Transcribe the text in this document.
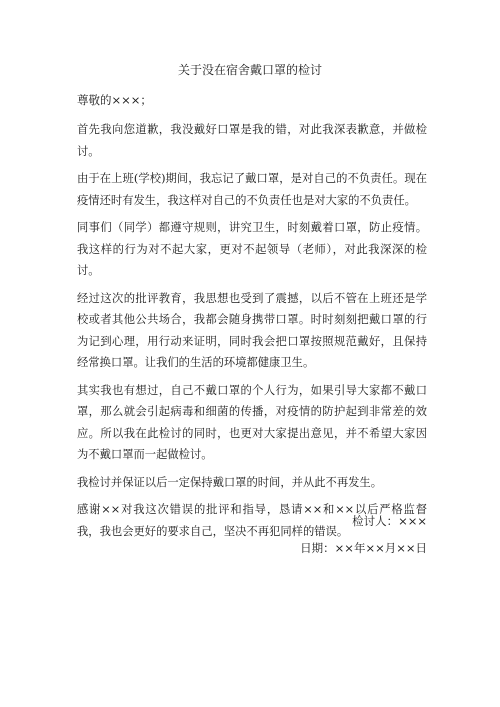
关于没在宿舍戴口罩的检讨
尊敬的×××；

首先我向您道歉，我没戴好口罩是我的错，对此我深表歉意，并做检讨。

由于在上班(学校)期间，我忘记了戴口罩，是对自己的不负责任。现在疫情还时有发生，我这样对自己的不负责任也是对大家的不负责任。

同事们（同学）都遵守规则，讲究卫生，时刻戴着口罩，防止疫情。我这样的行为对不起大家，更对不起领导（老师），对此我深深的检讨。

经过这次的批评教育，我思想也受到了震撼，以后不管在上班还是学校或者其他公共场合，我都会随身携带口罩。时时刻刻把戴口罩的行为记到心理，用行动来证明，同时我会把口罩按照规范戴好，且保持经常换口罩。让我们的生活的环境都健康卫生。

其实我也有想过，自己不戴口罩的个人行为，如果引导大家都不戴口罩，那么就会引起病毒和细菌的传播，对疫情的防护起到非常差的效应。所以我在此检讨的同时，也更对大家提出意见，并不希望大家因为不戴口罩而一起做检讨。

我检讨并保证以后一定保持戴口罩的时间，并从此不再发生。

感谢××对我这次错误的批评和指导，恳请××和××以后严格监督我，我也会更好的要求自己，坚决不再犯同样的错误。

检讨人：×××
日期：××年××月××日
